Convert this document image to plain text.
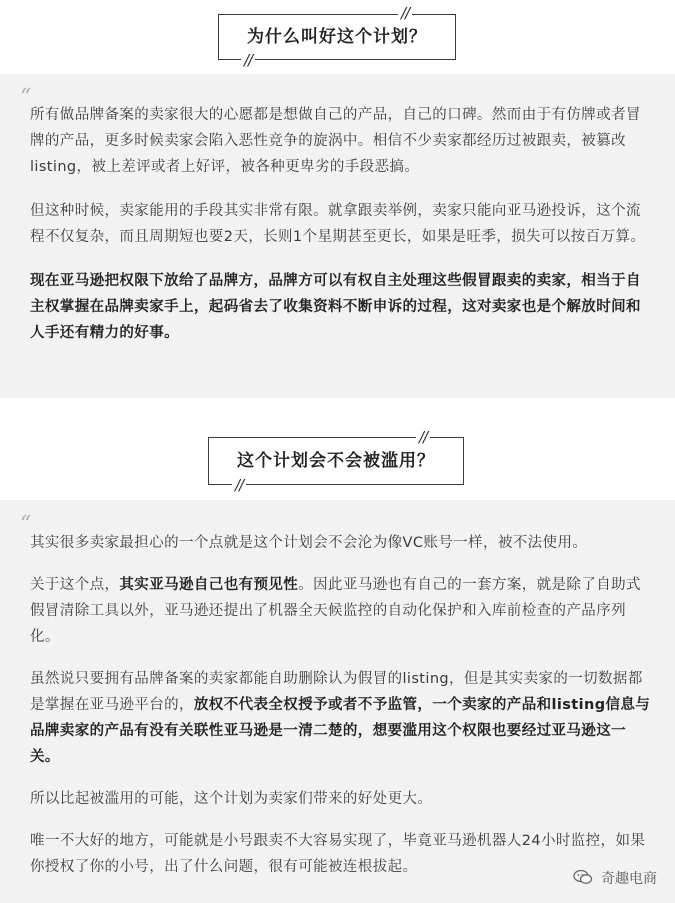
为什么叫好这个计划？
//
//
“

所有做品牌备案的卖家很大的心愿都是想做自己的产品，自己的口碑。然而由于有仿牌或者冒牌的产品，更多时候卖家会陷入恶性竞争的旋涡中。相信不少卖家都经历过被跟卖，被篡改listing，被上差评或者上好评，被各种更卑劣的手段恶搞。

但这种时候，卖家能用的手段其实非常有限。就拿跟卖举例，卖家只能向亚马逊投诉，这个流程不仅复杂，而且周期短也要2天，长则1个星期甚至更长，如果是旺季，损失可以按百万算。

现在亚马逊把权限下放给了品牌方，品牌方可以有权自主处理这些假冒跟卖的卖家，相当于自主权掌握在品牌卖家手上，起码省去了收集资料不断申诉的过程，这对卖家也是个解放时间和人手还有精力的好事。

这个计划会不会被滥用？
//
//
“

其实很多卖家最担心的一个点就是这个计划会不会沦为像VC账号一样，被不法使用。

关于这个点，其实亚马逊自己也有预见性。因此亚马逊也有自己的一套方案，就是除了自助式假冒清除工具以外，亚马逊还提出了机器全天候监控的自动化保护和入库前检查的产品序列化。

虽然说只要拥有品牌备案的卖家都能自助删除认为假冒的listing，但是其实卖家的一切数据都是掌握在亚马逊平台的，放权不代表全权授予或者不予监管，一个卖家的产品和listing信息与品牌卖家的产品有没有关联性亚马逊是一清二楚的，想要滥用这个权限也要经过亚马逊这一关。

所以比起被滥用的可能，这个计划为卖家们带来的好处更大。

唯一不大好的地方，可能就是小号跟卖不大容易实现了，毕竟亚马逊机器人24小时监控，如果你授权了你的小号，出了什么问题，很有可能被连根拔起。

奇趣电商
